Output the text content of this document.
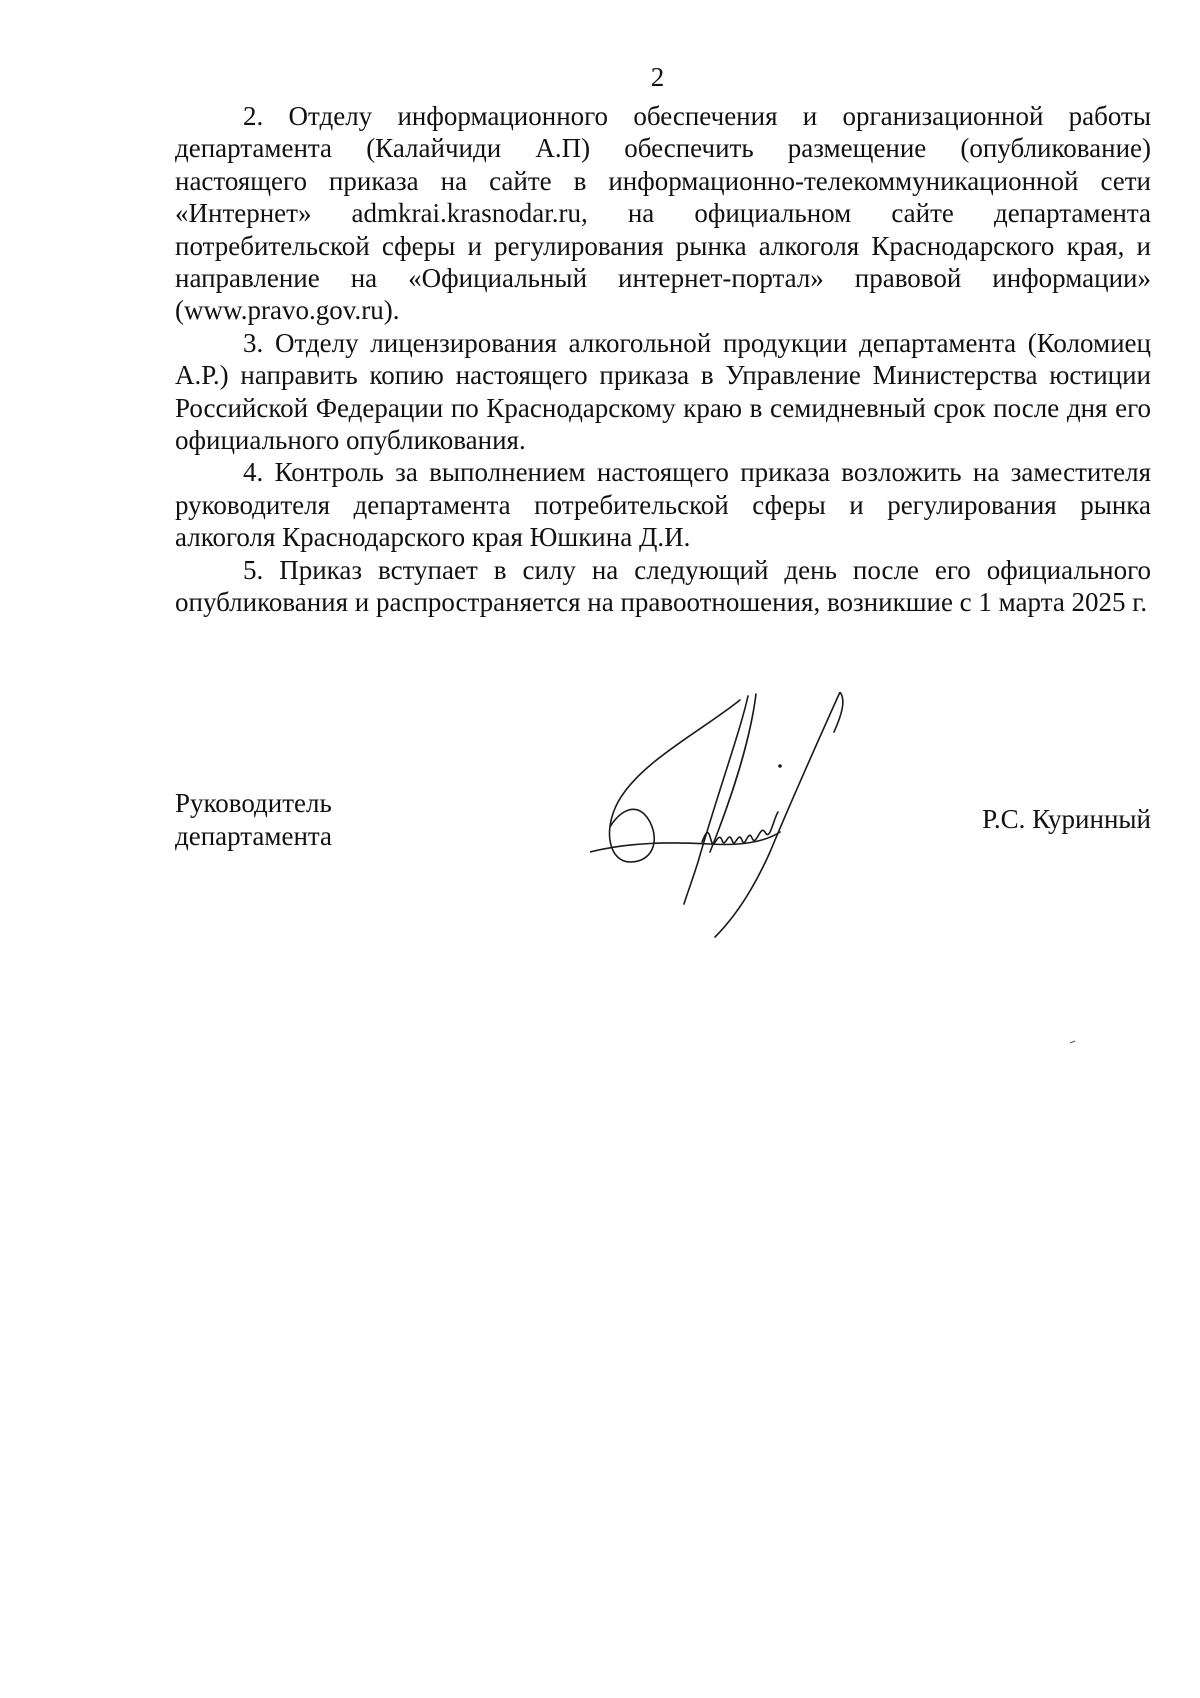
2

2. Отделу информационного обеспечения и организационной работы департамента (Калайчиди А.П) обеспечить размещение (опубликование) настоящего приказа на сайте в информационно-телекоммуникационной сети «Интернет» admkrai.krasnodar.ru, на официальном сайте департамента потребительской сферы и регулирования рынка алкоголя Краснодарского края, и направление на «Официальный интернет-портал» правовой информации» (www.pravo.gov.ru).

3. Отделу лицензирования алкогольной продукции департамента (Коломиец А.Р.) направить копию настоящего приказа в Управление Министерства юстиции Российской Федерации по Краснодарскому краю в семидневный срок после дня его официального опубликования.

4. Контроль за выполнением настоящего приказа возложить на заместителя руководителя департамента потребительской сферы и регулирования рынка алкоголя Краснодарского края Юшкина Д.И.

5. Приказ вступает в силу на следующий день после его официального опубликования и распространяется на правоотношения, возникшие с 1 марта 2025 г.

Руководитель
департамента
Р.С. Куринный
